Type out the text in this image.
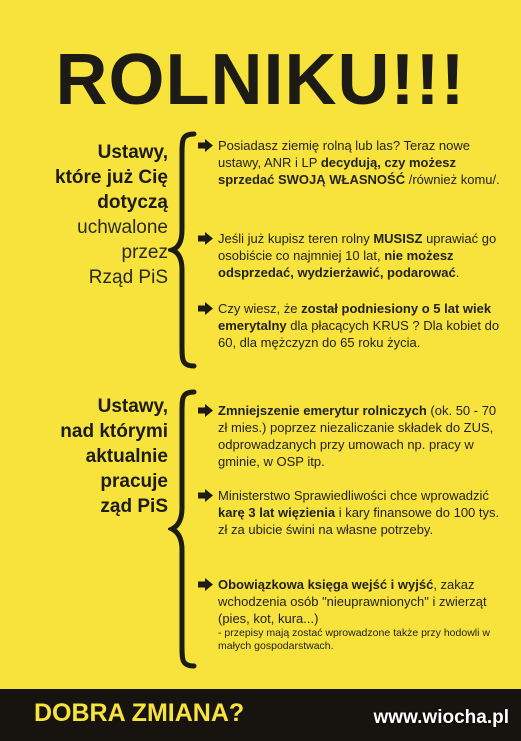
ROLNIKU!!!
Ustawy,
które już Cię
dotyczą
uchwalone
przez
Rząd PiS
Ustawy,
nad którymi
aktualnie
pracuje
ząd PiS
Posiadasz ziemię rolną lub las? Teraz nowe ustawy, ANR i LP decydują, czy możesz sprzedać SWOJĄ WŁASNOŚĆ /również komu/.
Jeśli już kupisz teren rolny MUSISZ uprawiać go osobiście co najmniej 10 lat, nie możesz odsprzedać, wydzierżawić, podarować.
Czy wiesz, że został podniesiony o 5 lat wiek emerytalny dla płacących KRUS ? Dla kobiet do 60, dla mężczyzn do 65 roku życia.
Zmniejszenie emerytur rolniczych (ok. 50 - 70 zł mies.) poprzez niezaliczanie składek do ZUS, odprowadzanych przy umowach np. pracy w gminie, w OSP itp.
Ministerstwo Sprawiedliwości chce wprowadzić karę 3 lat więzienia i kary finansowe do 100 tys. zł za ubicie świni na własne potrzeby.
Obowiązkowa księga wejść i wyjść, zakaz wchodzenia osób "nieuprawnionych" i zwierząt (pies, kot, kura...)
- przepisy mają zostać wprowadzone także przy hodowli w małych gospodarstwach.
DOBRA ZMIANA?	www.wiocha.pl
